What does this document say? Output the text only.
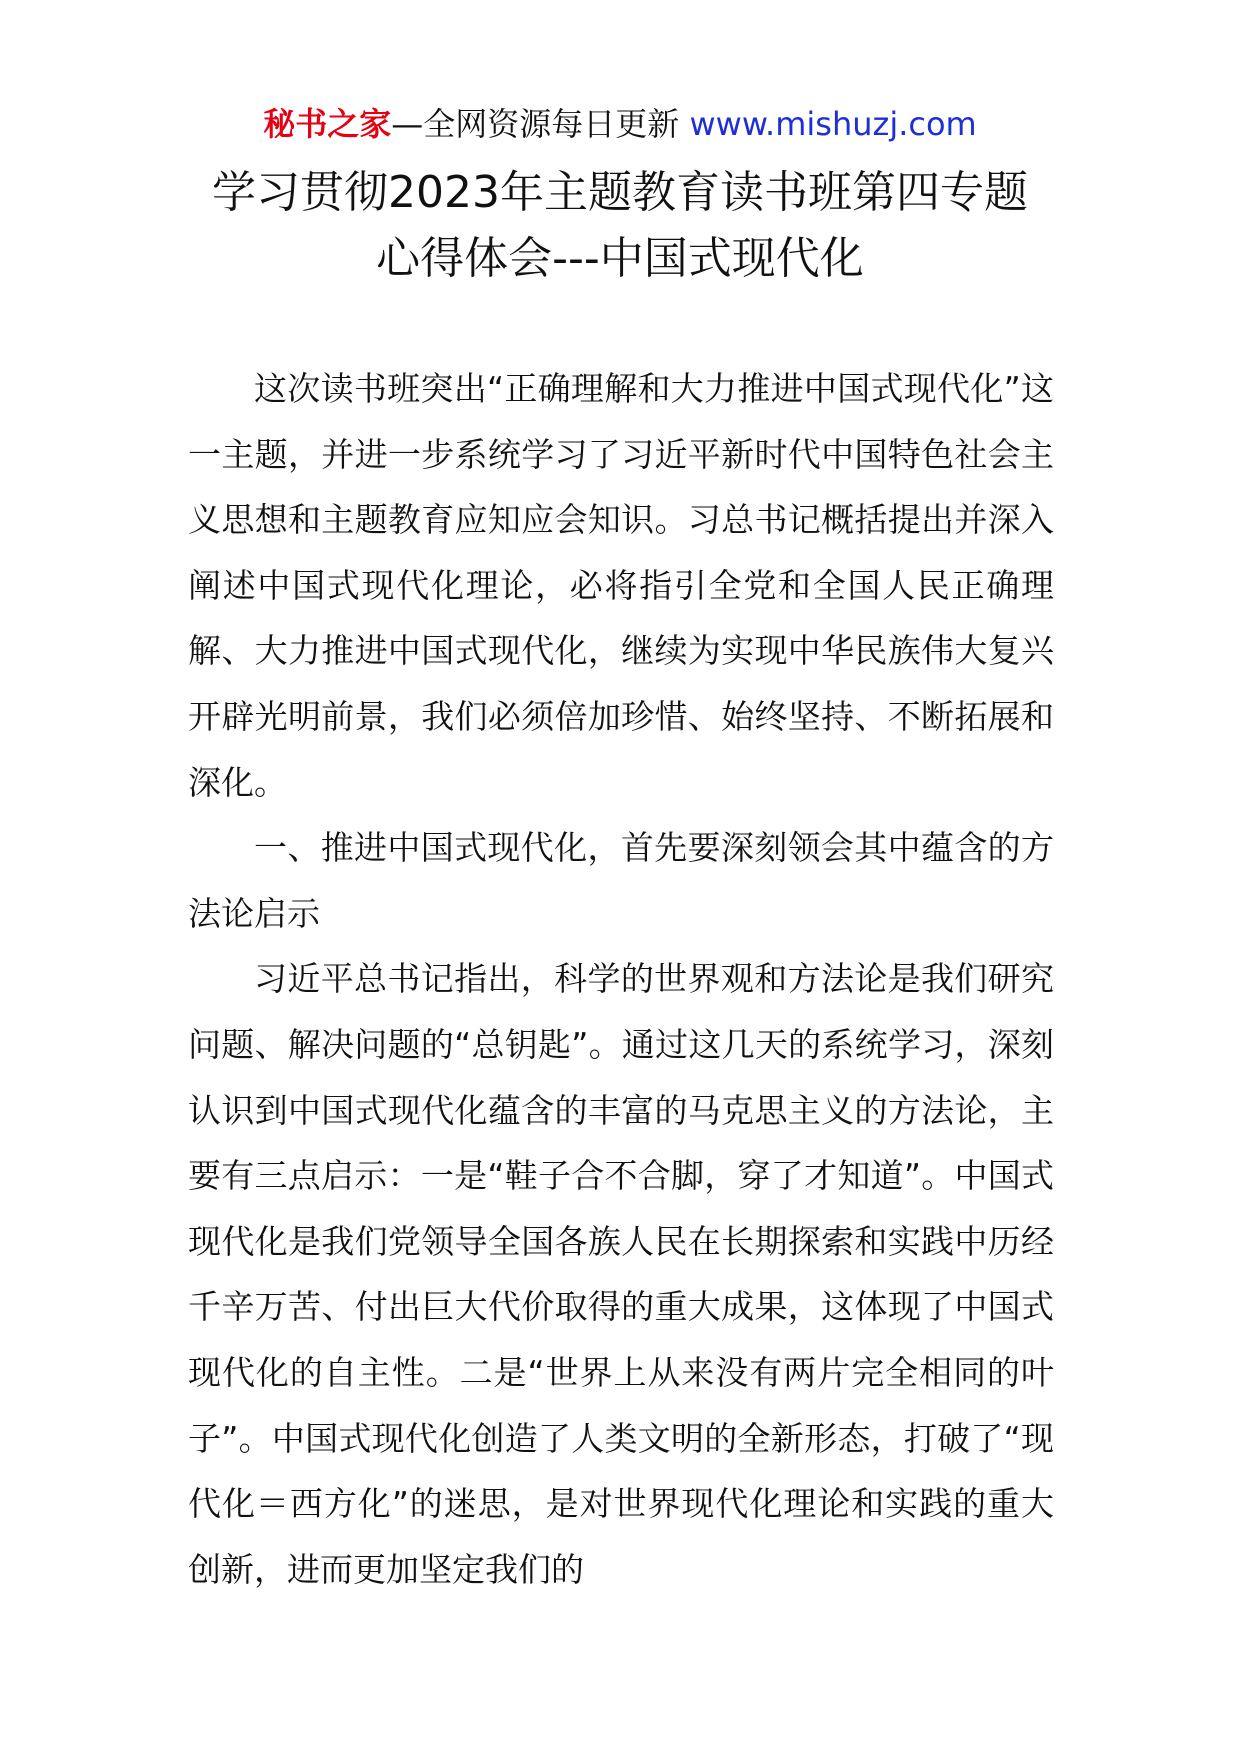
秘书之家—全网资源每日更新 www.mishuzj.com
学习贯彻2023年主题教育读书班第四专题
心得体会---中国式现代化

这次读书班突出“正确理解和大力推进中国式现代化”这一主题，并进一步系统学习了习近平新时代中国特色社会主义思想和主题教育应知应会知识。习总书记概括提出并深入阐述中国式现代化理论，必将指引全党和全国人民正确理解、大力推进中国式现代化，继续为实现中华民族伟大复兴开辟光明前景，我们必须倍加珍惜、始终坚持、不断拓展和深化。

一、推进中国式现代化，首先要深刻领会其中蕴含的方法论启示

习近平总书记指出，科学的世界观和方法论是我们研究问题、解决问题的“总钥匙”。通过这几天的系统学习，深刻认识到中国式现代化蕴含的丰富的马克思主义的方法论，主要有三点启示：一是“鞋子合不合脚，穿了才知道”。中国式现代化是我们党领导全国各族人民在长期探索和实践中历经千辛万苦、付出巨大代价取得的重大成果，这体现了中国式现代化的自主性。二是“世界上从来没有两片完全相同的叶子”。中国式现代化创造了人类文明的全新形态，打破了“现代化＝西方化”的迷思，是对世界现代化理论和实践的重大创新，进而更加坚定我们的
